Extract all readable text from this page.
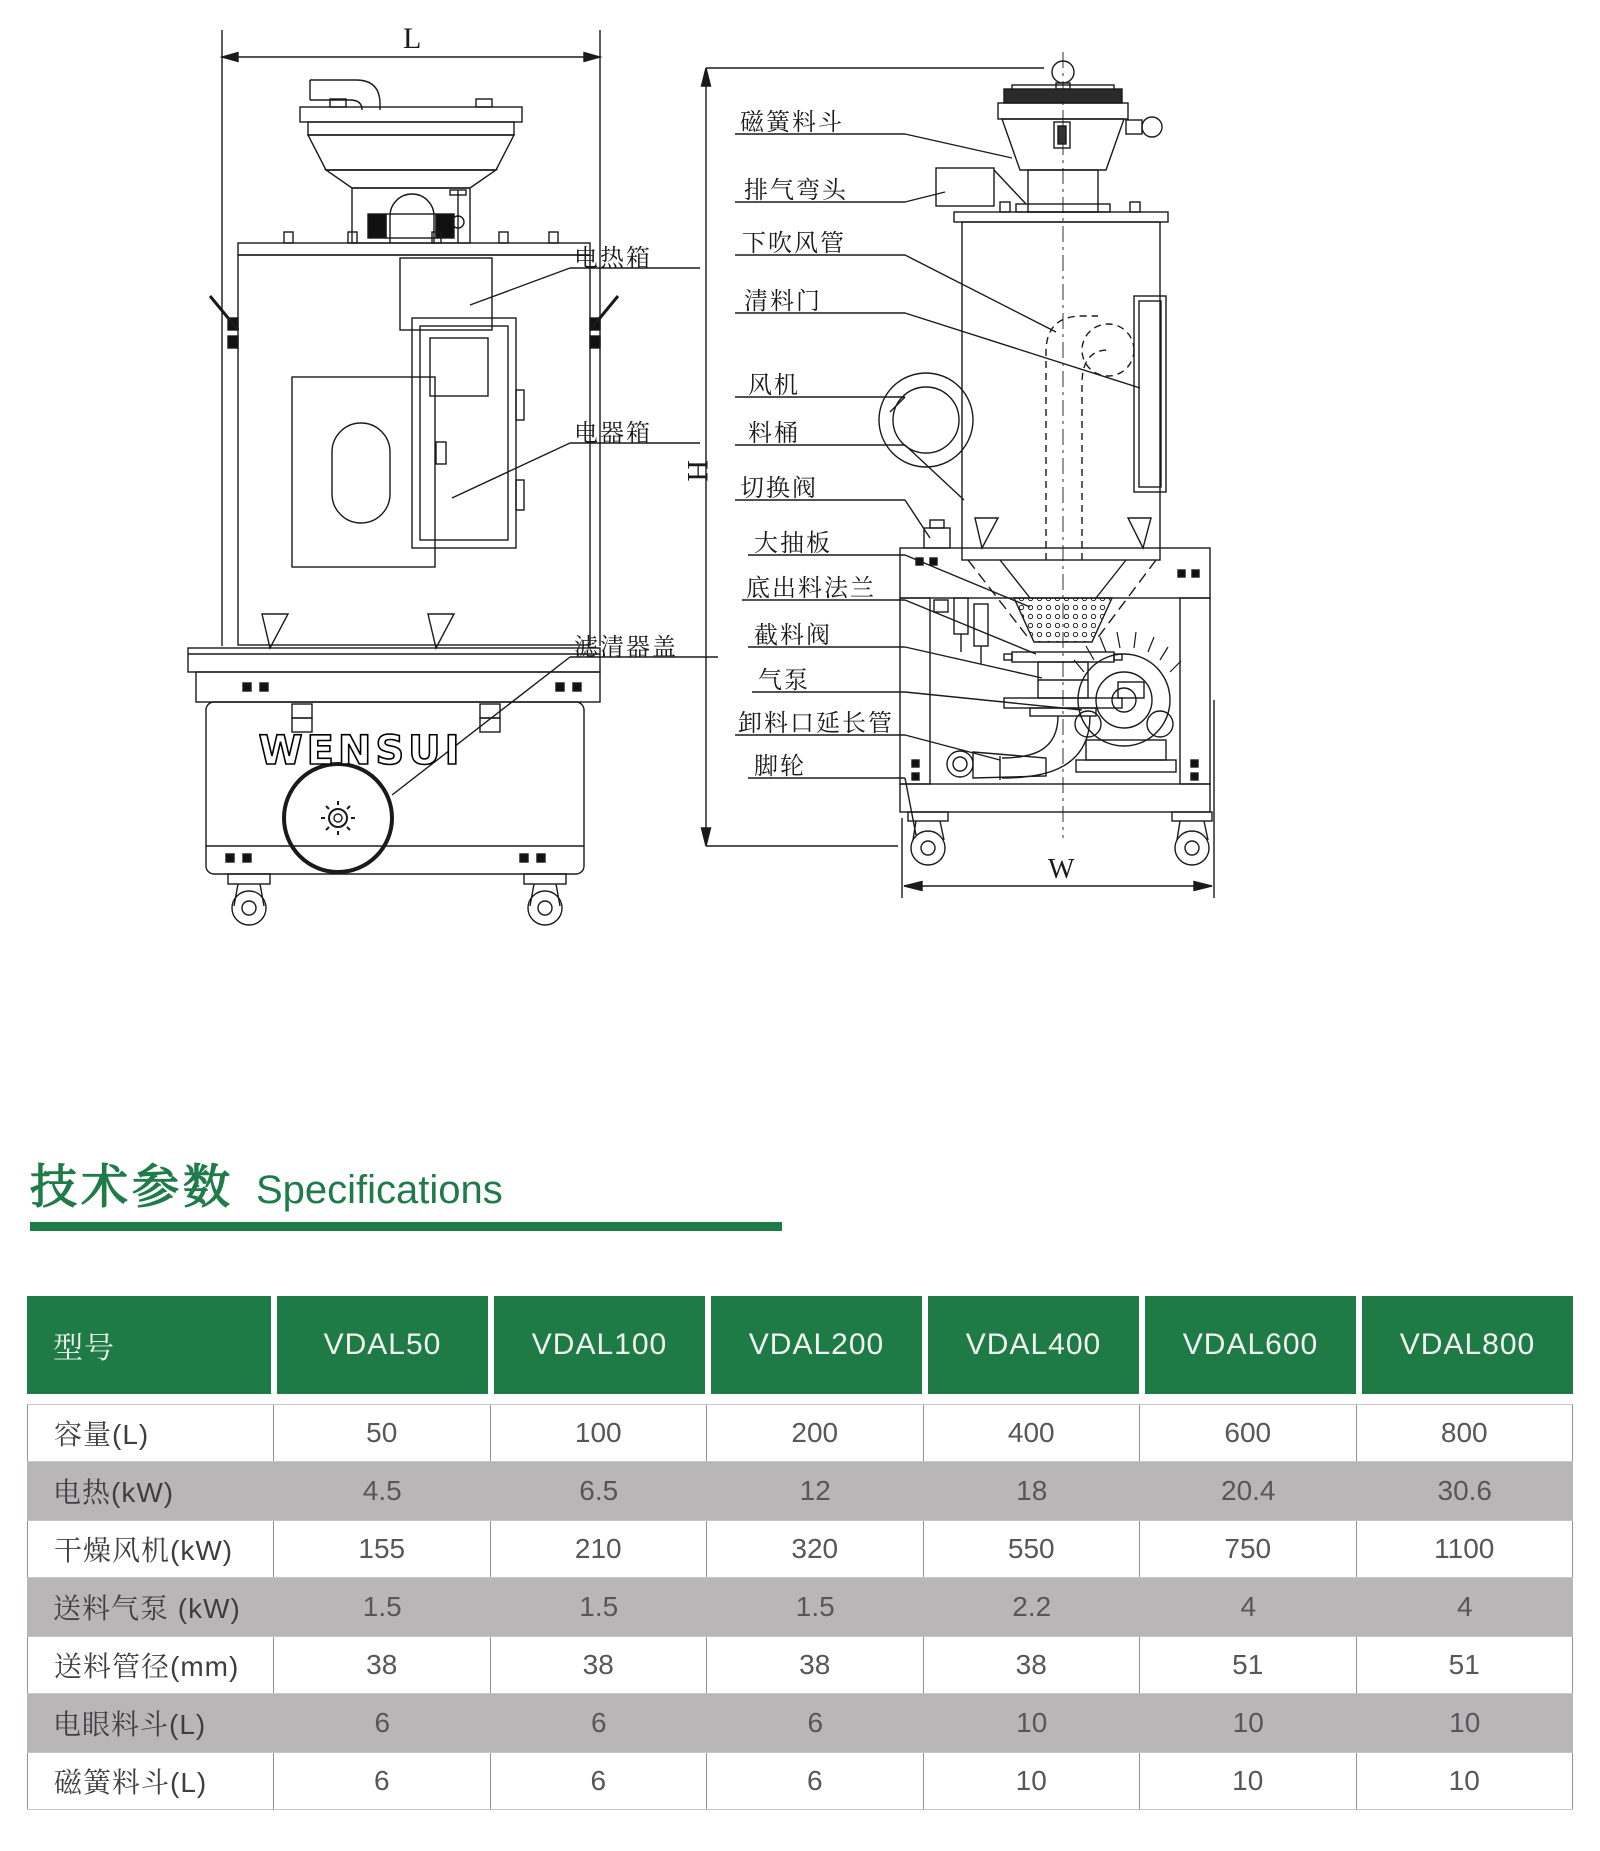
L
WENSUI
H
W
电热箱
电器箱
滤清器盖
磁簧料斗
排气弯头
下吹风管
清料门
风机
料桶
切换阀
大抽板
底出料法兰
截料阀
气泵
卸料口延长管
脚轮
技术参数 Specifications
型号	VDAL50	VDAL100	VDAL200	VDAL400	VDAL600	VDAL800
容量(L)	50	100	200	400	600	800
电热(kW)	4.5	6.5	12	18	20.4	30.6
干燥风机(kW)	155	210	320	550	750	1100
送料气泵 (kW)	1.5	1.5	1.5	2.2	4	4
送料管径(mm)	38	38	38	38	51	51
电眼料斗(L)	6	6	6	10	10	10
磁簧料斗(L)	6	6	6	10	10	10
